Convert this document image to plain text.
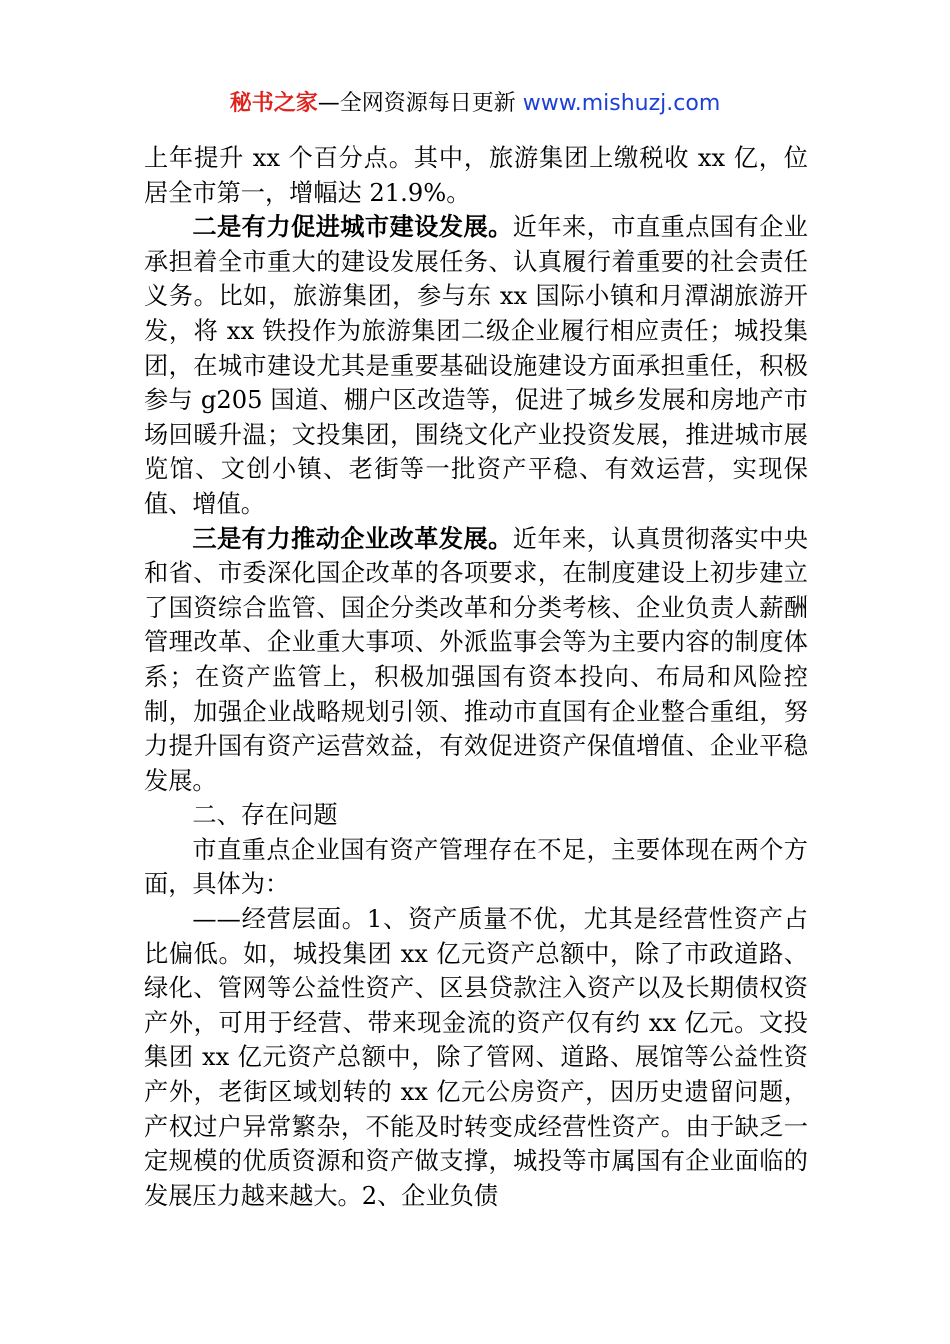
秘书之家—全网资源每日更新 www.mishuzj.com

上年提升 xx 个百分点。其中，旅游集团上缴税收 xx 亿，位居全市第一，增幅达 21.9%。

二是有力促进城市建设发展。近年来，市直重点国有企业承担着全市重大的建设发展任务、认真履行着重要的社会责任义务。比如，旅游集团，参与东 xx 国际小镇和月潭湖旅游开发，将 xx 铁投作为旅游集团二级企业履行相应责任；城投集团，在城市建设尤其是重要基础设施建设方面承担重任，积极参与 g205 国道、棚户区改造等，促进了城乡发展和房地产市场回暖升温；文投集团，围绕文化产业投资发展，推进城市展览馆、文创小镇、老街等一批资产平稳、有效运营，实现保值、增值。

三是有力推动企业改革发展。近年来，认真贯彻落实中央和省、市委深化国企改革的各项要求，在制度建设上初步建立了国资综合监管、国企分类改革和分类考核、企业负责人薪酬管理改革、企业重大事项、外派监事会等为主要内容的制度体系；在资产监管上，积极加强国有资本投向、布局和风险控制，加强企业战略规划引领、推动市直国有企业整合重组，努力提升国有资产运营效益，有效促进资产保值增值、企业平稳发展。

二、存在问题

市直重点企业国有资产管理存在不足，主要体现在两个方面，具体为：

——经营层面。1、资产质量不优，尤其是经营性资产占比偏低。如，城投集团 xx 亿元资产总额中，除了市政道路、绿化、管网等公益性资产、区县贷款注入资产以及长期债权资产外，可用于经营、带来现金流的资产仅有约 xx 亿元。文投集团 xx 亿元资产总额中，除了管网、道路、展馆等公益性资产外，老街区域划转的 xx 亿元公房资产，因历史遗留问题，产权过户异常繁杂，不能及时转变成经营性资产。由于缺乏一定规模的优质资源和资产做支撑，城投等市属国有企业面临的发展压力越来越大。2、企业负债
